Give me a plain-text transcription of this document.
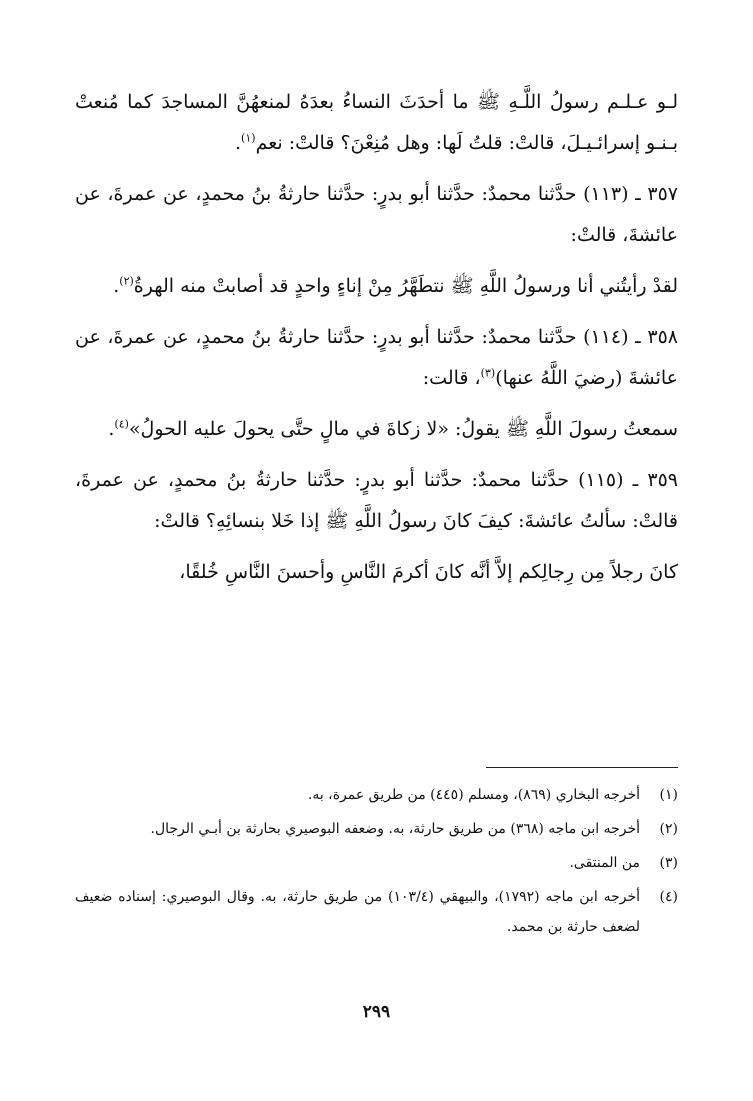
لـو عـلـم رسولُ اللَّـهِ ﷺ ما أحدَثَ النساءُ بعدَهُ لمنعهُنَّ المساجدَ كما مُنعتْ بـنـو إسرائـيـلَ، قالتْ: قلتُ لَها: وهل مُنِعْنَ؟ قالتْ: نعم$^{(١)}$.

٣٥٧ ـ (١١٣) حدَّثنا محمدٌ: حدَّثنا أبو بدرٍ: حدَّثنا حارثةُ بنُ محمدٍ، عن عمرةَ، عن عائشةَ، قالتْ:

لقدْ رأيتُني أنا ورسولُ اللَّهِ ﷺ نتطَهَّرُ مِنْ إناءٍ واحدٍ قد أصابتْ منه الهرةُ$^{(٢)}$.

٣٥٨ ـ (١١٤) حدَّثنا محمدٌ: حدَّثنا أبو بدرٍ: حدَّثنا حارثةُ بنُ محمدٍ، عن عمرةَ، عن عائشةَ (رضيَ اللَّهُ عنها)$^{(٣)}$، قالت:

سمعتُ رسولَ اللَّهِ ﷺ يقولُ: «لا زكاةَ في مالٍ حتَّى يحولَ عليه الحولُ»$^{(٤)}$.

٣٥٩ ـ (١١٥) حدَّثنا محمدٌ: حدَّثنا أبو بدرٍ: حدَّثنا حارثةُ بنُ محمدٍ، عن عمرةَ، قالتْ: سألتُ عائشةَ: كيفَ كانَ رسولُ اللَّهِ ﷺ إذا خَلا بنسائِهِ؟ قالتْ:

كانَ رجلاً مِن رِجالِكم إلاَّ أنَّه كانَ أكرمَ النَّاسِ وأحسنَ النَّاسِ خُلقًا،

(١)
أخرجه البخاري (٨٦٩)، ومسلم (٤٤٥) من طريق عمرة، به.
(٢)
أخرجه ابن ماجه (٣٦٨) من طريق حارثة، به. وضعفه البوصيري بحارثة بن أبـي الرجال.
(٣)
من المنتقى.
(٤)
أخرجه ابن ماجه (١٧٩٢)، والبيهقي (١٠٣/٤) من طريق حارثة، به. وقال البوصيري: إسناده ضعيف لضعف حارثة بن محمد.
٢٩٩
